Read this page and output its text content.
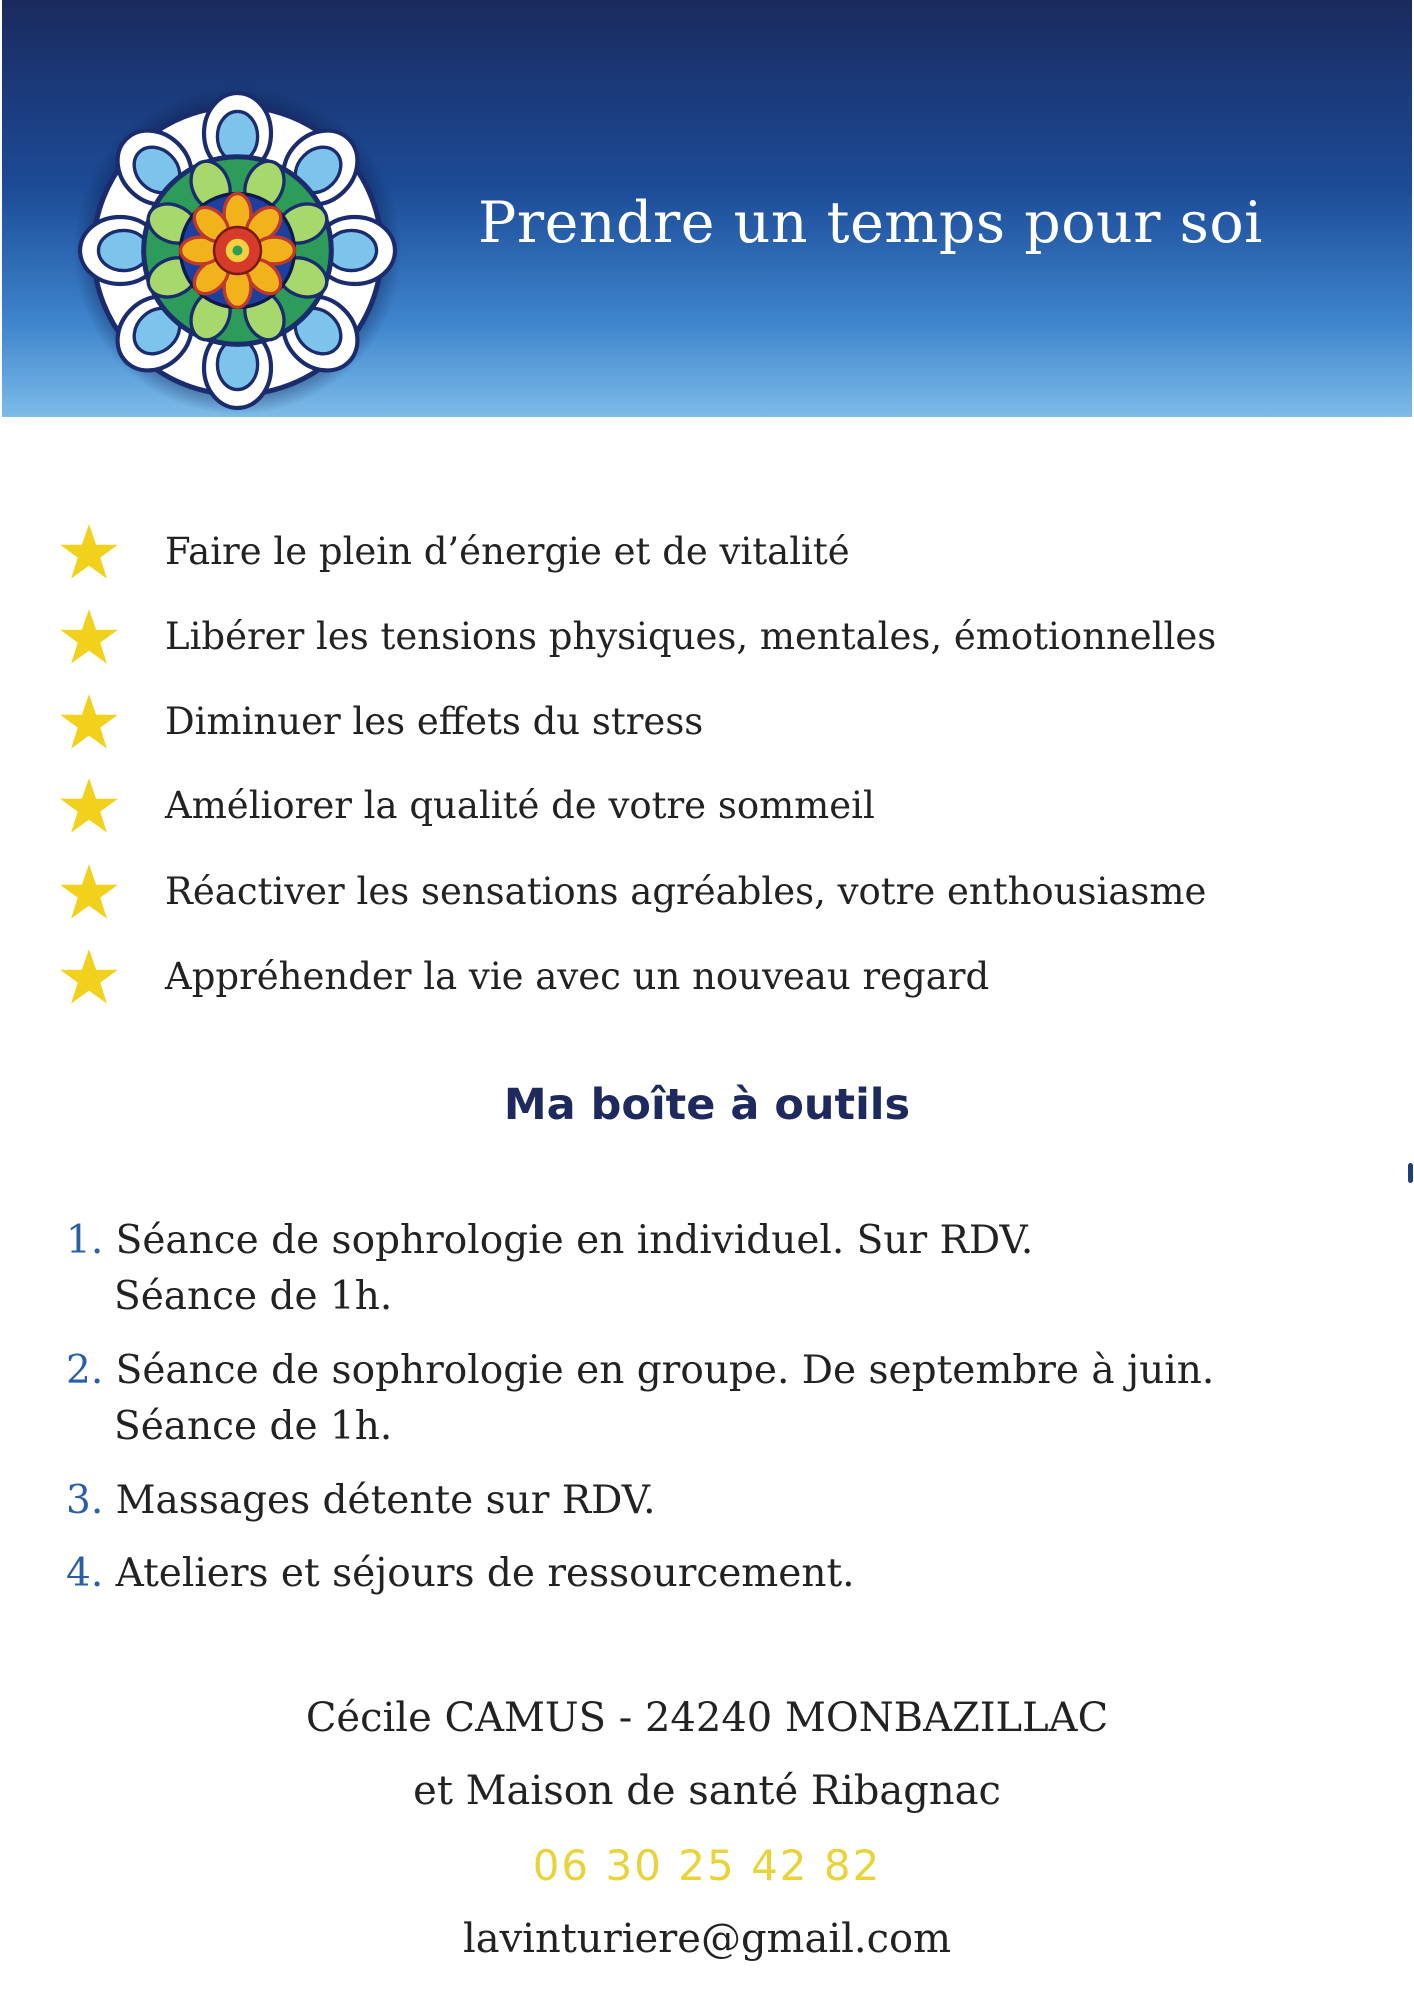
Prendre un temps pour soi
Faire le plein d’énergie et de vitalité
Libérer les tensions physiques, mentales, émotionnelles
Diminuer les effets du stress
Améliorer la qualité de votre sommeil
Réactiver les sensations agréables, votre enthousiasme
Appréhender la vie avec un nouveau regard
Ma boîte à outils
1. Séance de sophrologie en individuel. Sur RDV.
Séance de 1h.
2. Séance de sophrologie en groupe. De septembre à juin.
Séance de 1h.
3. Massages détente sur RDV.
4. Ateliers et séjours de ressourcement.
Cécile CAMUS - 24240 MONBAZILLAC
et Maison de santé Ribagnac
06 30 25 42 82
lavinturiere@gmail.com
